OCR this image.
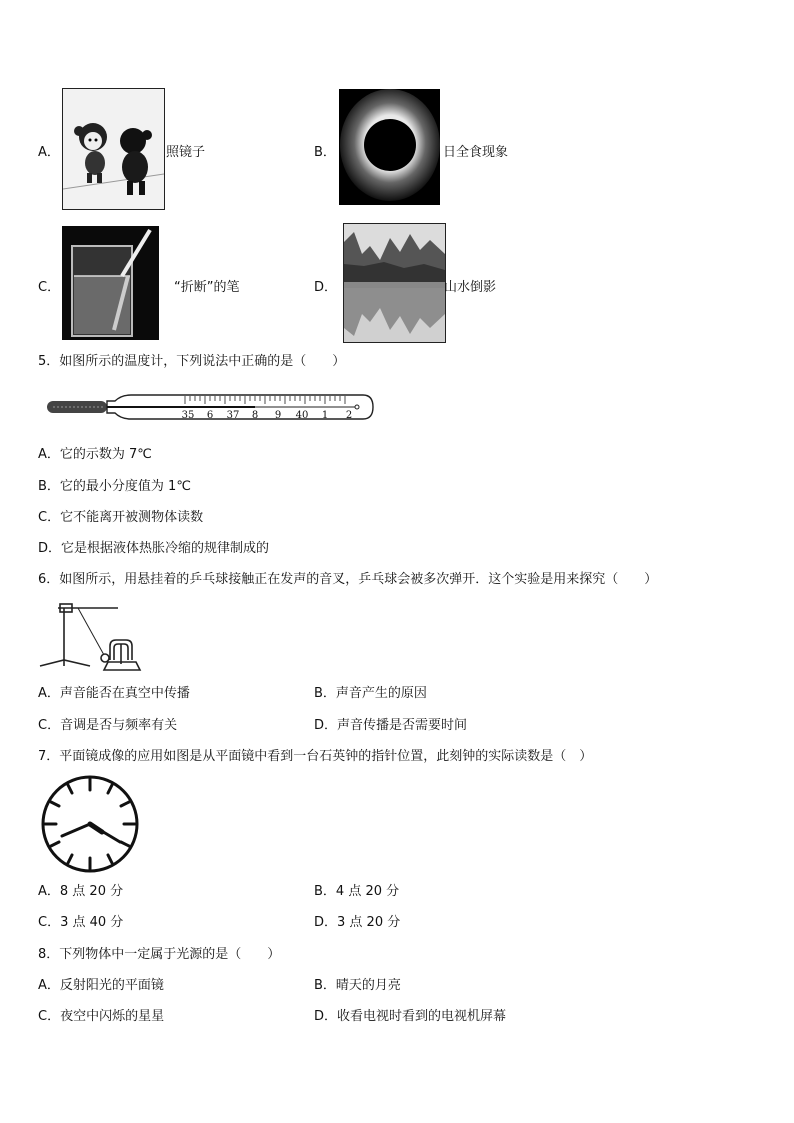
A．	照镜子	B．	日全食现象
C．	“折断”的笔	D．	山水倒影
5．如图所示的温度计，下列说法中正确的是（　　）
35 6 37 8 9 40 1 2
A．它的示数为 7℃
B．它的最小分度值为 1℃
C．它不能离开被测物体读数
D．它是根据液体热胀冷缩的规律制成的
6．如图所示，用悬挂着的乒乓球接触正在发声的音叉，乒乓球会被多次弹开．这个实验是用来探究（　　）
A．声音能否在真空中传播	B．声音产生的原因
C．音调是否与频率有关	D．声音传播是否需要时间
7．平面镜成像的应用如图是从平面镜中看到一台石英钟的指针位置，此刻钟的实际读数是（　）
A．8 点 20 分	B．4 点 20 分
C．3 点 40 分	D．3 点 20 分
8．下列物体中一定属于光源的是（　　）
A．反射阳光的平面镜	B．晴天的月亮
C．夜空中闪烁的星星	D．收看电视时看到的电视机屏幕
